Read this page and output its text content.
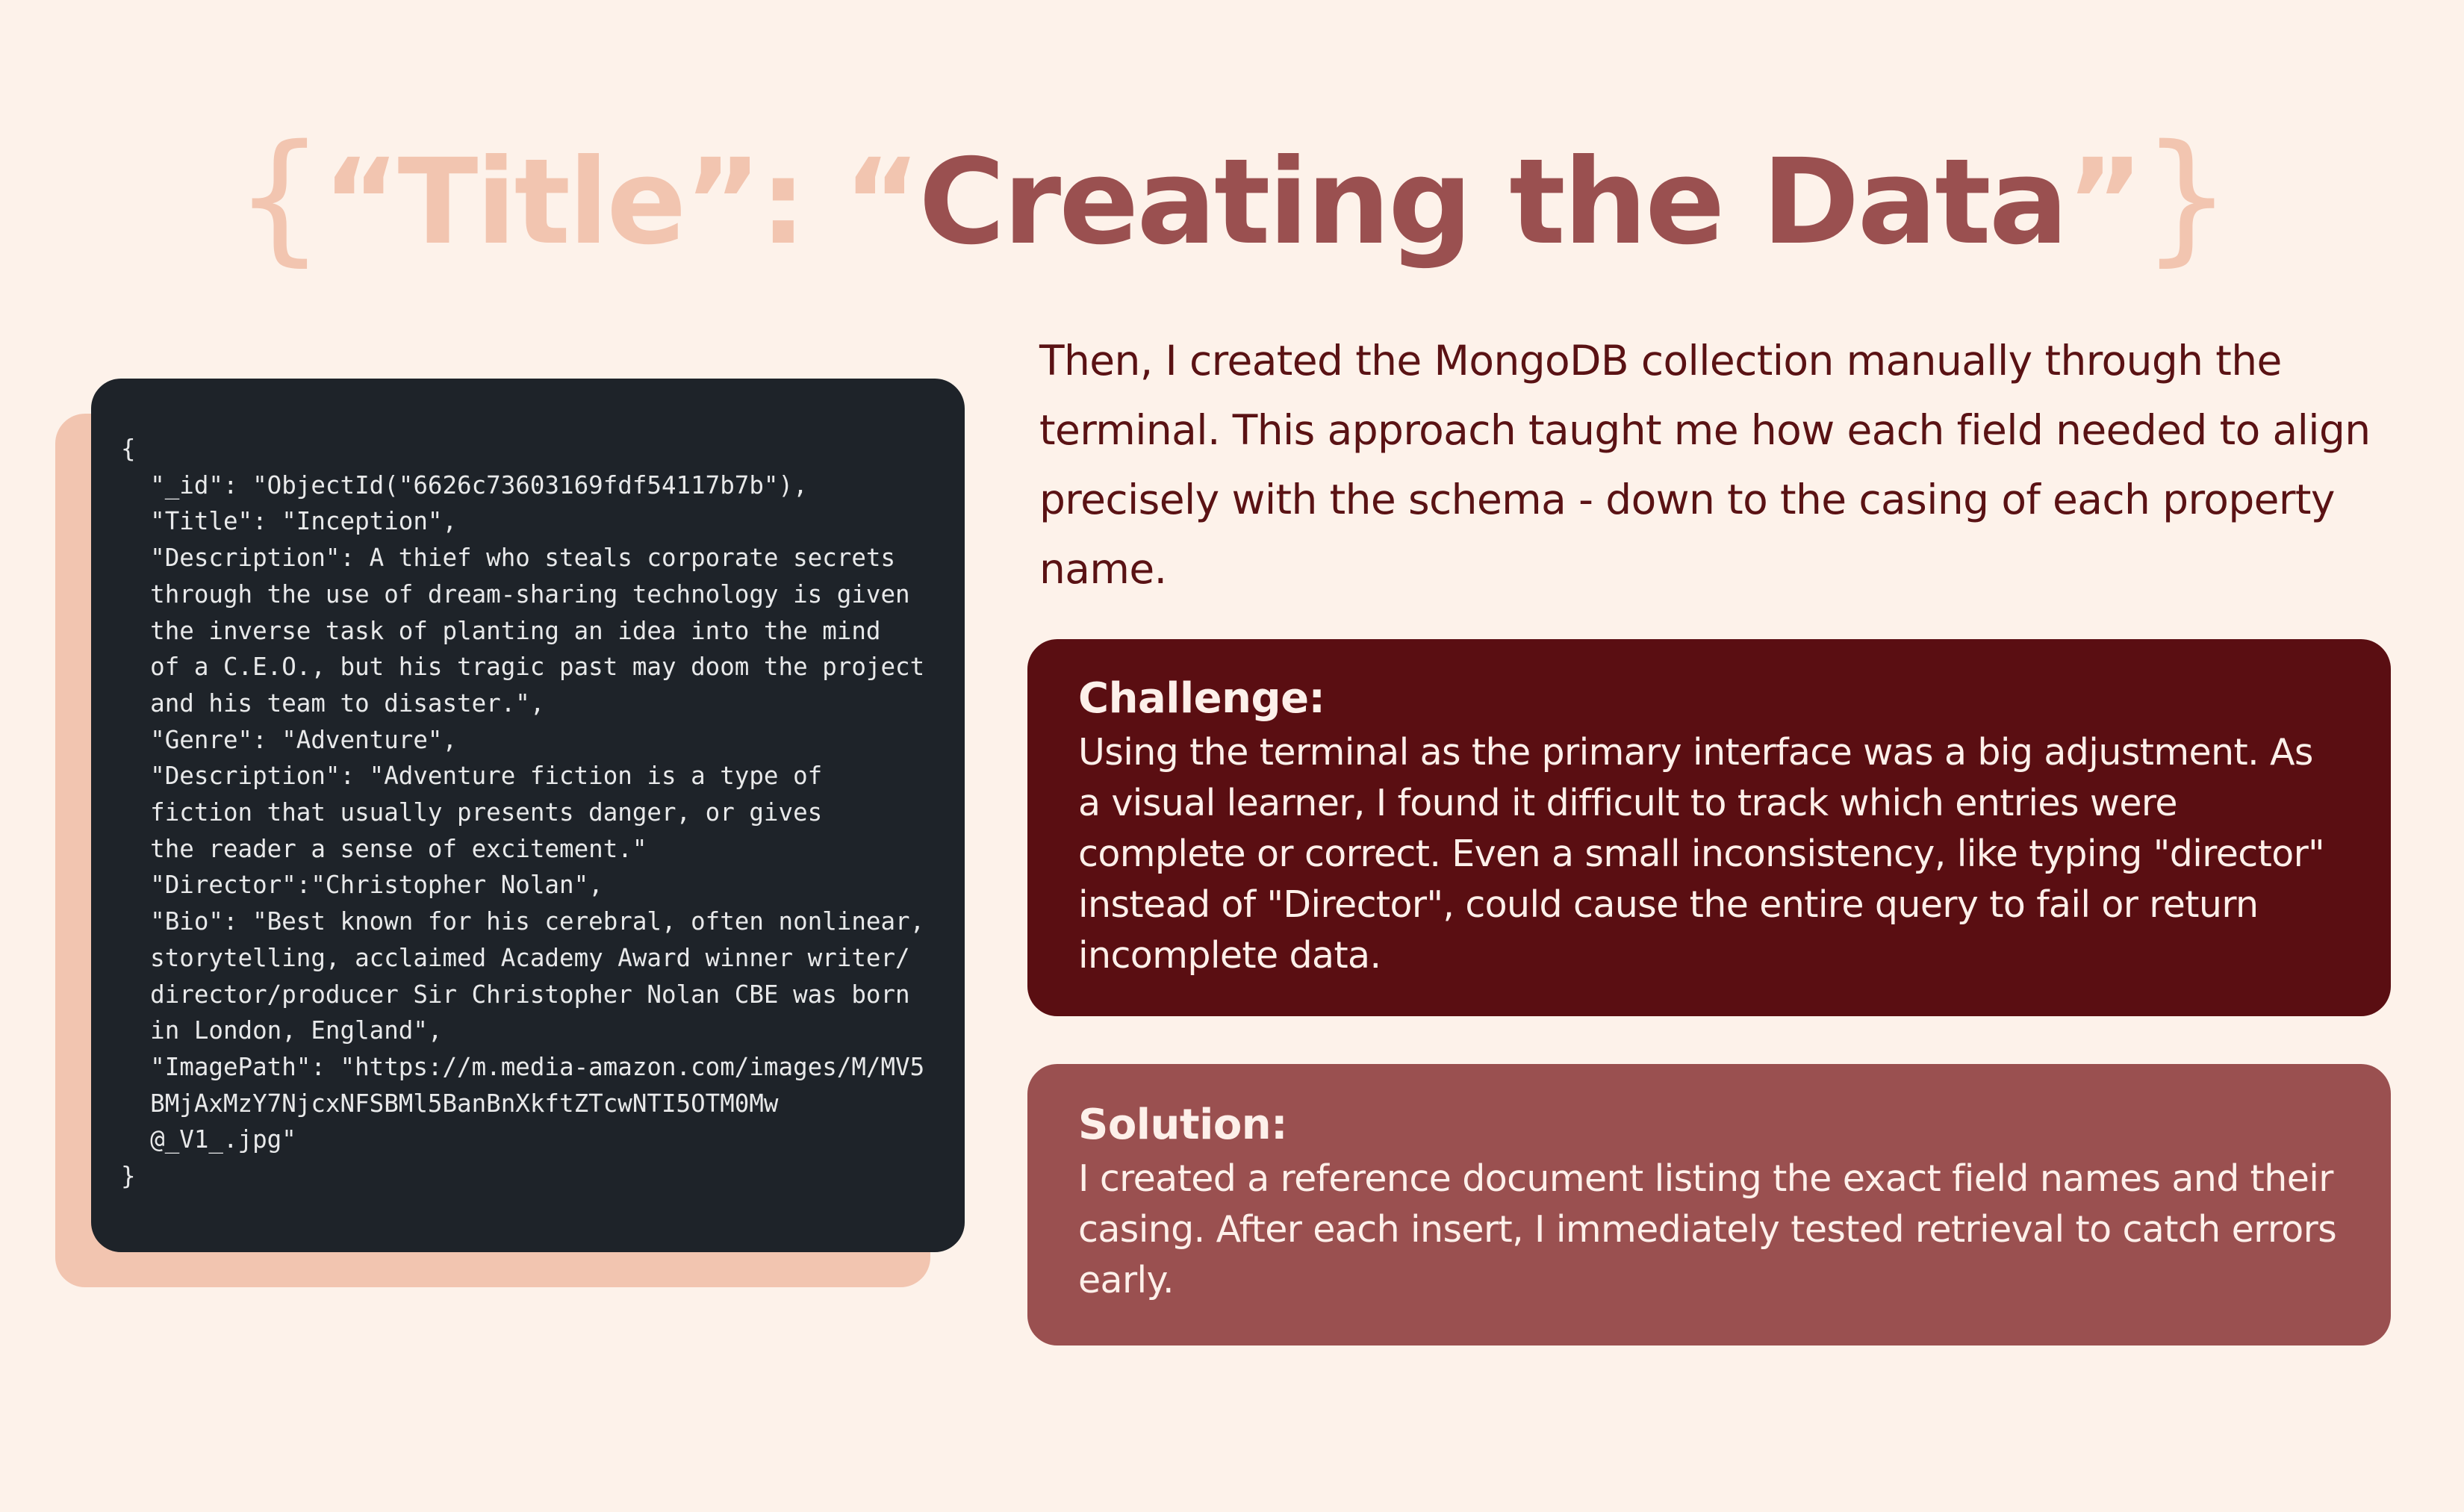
{“Title”: “Creating the Data”}
{
"_id": "ObjectId("6626c73603169fdf54117b7b"),
"Title": "Inception",
"Description": A thief who steals corporate secrets
through the use of dream-sharing technology is given
the inverse task of planting an idea into the mind
of a C.E.O., but his tragic past may doom the project
and his team to disaster.",
"Genre": "Adventure",
"Description": "Adventure fiction is a type of
fiction that usually presents danger, or gives
the reader a sense of excitement."
"Director":"Christopher Nolan",
"Bio": "Best known for his cerebral, often nonlinear,
storytelling, acclaimed Academy Award winner writer/
director/producer Sir Christopher Nolan CBE was born
in London, England",
"ImagePath": "https://m.media-amazon.com/images/M/MV5
BMjAxMzY7NjcxNFSBMl5BanBnXkftZTcwNTI5OTM0Mw
@_V1_.jpg"
}

Then, I created the MongoDB collection manually through the terminal. This approach taught me how each field needed to align precisely with the schema - down to the casing of each property name.

Challenge:

Using the terminal as the primary interface was a big adjustment. As a visual learner, I found it difficult to track which entries were complete or correct. Even a small inconsistency, like typing "director" instead of "Director", could cause the entire query to fail or return incomplete data.

Solution:

I created a reference document listing the exact field names and their casing. After each insert, I immediately tested retrieval to catch errors early.
